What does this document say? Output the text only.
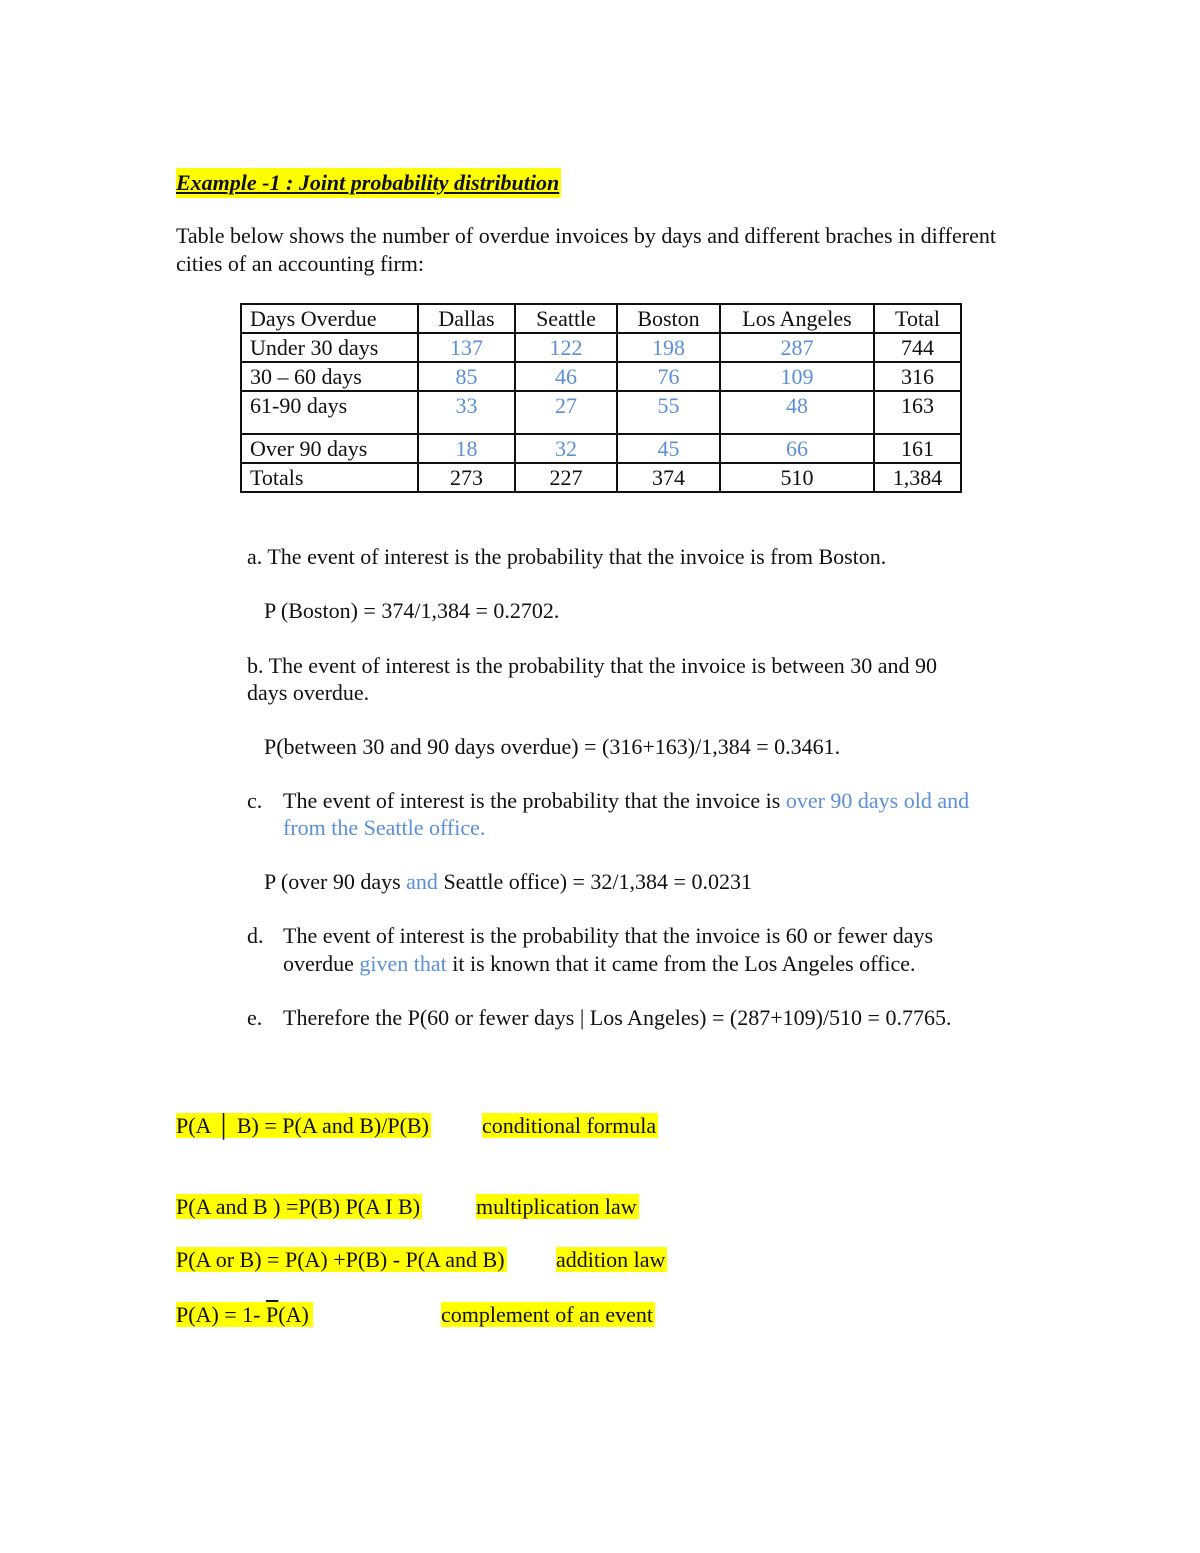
Example -1 : Joint probability distribution
Table below shows the number of overdue invoices by days and different braches in different cities of an accounting firm:
Days Overdue	Dallas	Seattle	Boston	Los Angeles	Total
Under 30 days	137	122	198	287	744
30 – 60 days	85	46	76	109	316
61-90 days	33	27	55	48	163
Over 90 days	18	32	45	66	161
Totals	273	227	374	510	1,384
a. The event of interest is the probability that the invoice is from Boston.
P (Boston) = 374/1,384 = 0.2702.
b. The event of interest is the probability that the invoice is between 30 and 90
days overdue.
P(between 30 and 90 days overdue) = (316+163)/1,384 = 0.3461.
c. The event of interest is the probability that the invoice is over 90 days old and
from the Seattle office.
P (over 90 days and Seattle office) = 32/1,384 = 0.0231
d. The event of interest is the probability that the invoice is 60 or fewer days
overdue given that it is known that it came from the Los Angeles office.
e. Therefore the P(60 or fewer days | Los Angeles) = (287+109)/510 = 0.7765.
P(A │ B) = P(A and B)/P(B) conditional formula
P(A and B ) =P(B) P(A I B)	multiplication law
P(A or B) = P(A) +P(B) - P(A and B) addition law
P(A) = 1- $\overline{P}(A)$	complement of an event
